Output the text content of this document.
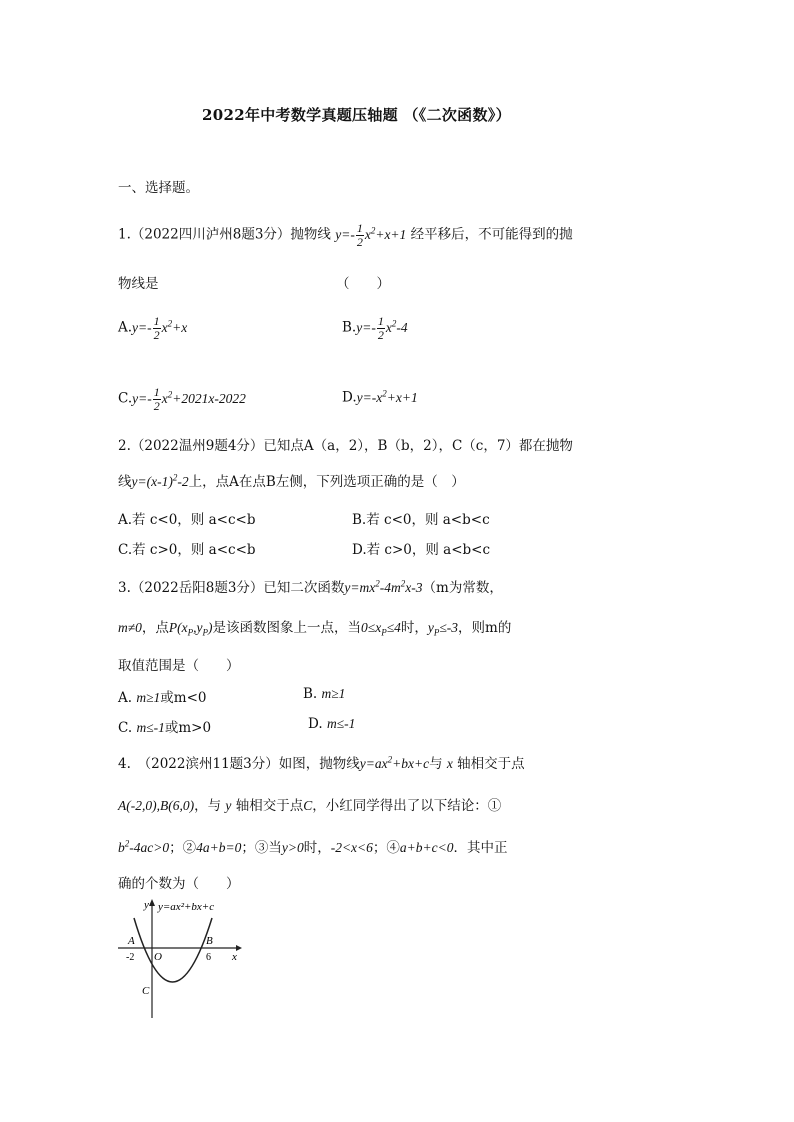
2022年中考数学真题压轴题 （《二次函数》）
一、选择题。
1.（2022四川泸州8题3分）抛物线 $y=- \frac{1}{2} x^2+x+1$ 经平移后，不可能得到的抛
物线是	（　　）
$A.y=- \frac{1}{2} x^2+x$	$B.y=- \frac{1}{2} x^2-4$
$C.y=- \frac{1}{2} x^2+2021x-2022$	$D.y=-x^2+x+1$
2.（2022温州9题4分）已知点A（a，2），B（b，2），C（c，7）都在抛物
线$y=(x-1)^2-2$上，点A在点B左侧，下列选项正确的是（　）
A.若 c<0，则 a<c<b	B.若 c<0，则 a<b<c
C.若 c>0，则 a<c<b	D.若 c>0，则 a<b<c
3.（2022岳阳8题3分）已知二次函数$y=mx^2-4m^2x-3(m$为常数，
m≠0，点$P(x_P,y_P)$是该函数图象上一点，当$0\le x_P\le 4$时，$y_P\le-3$，则m的
取值范围是（　　）
A. m≥1或m<0	B. m≥1
C. m≤-1或m>0	D. m≤-1
4.　（2022滨州11题3分）如图，抛物线$y=ax^2+bx+c$与 x 轴相交于点
A(-2,0),B(6,0)，与 y 轴相交于点C，小红同学得出了以下结论：①
$b^2-4ac>0$；②4a+b=0；③当y>0时，-2<x<6；④a+b+c<0．其中正
确的个数为（　　）
y=ax²+bx+c
y
x
A	B
C
O
-2	6
